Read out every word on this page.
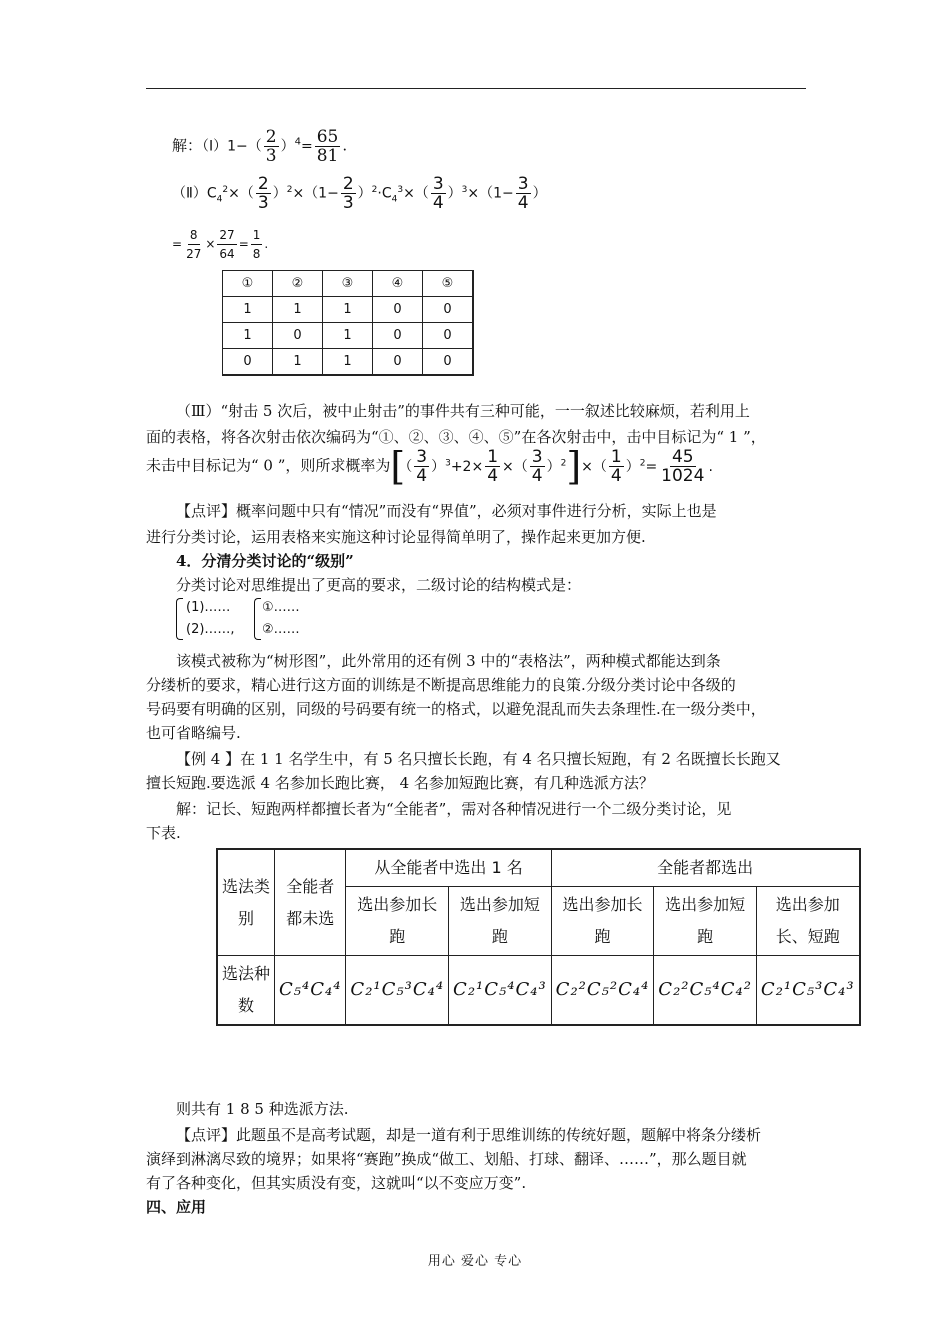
解：（Ⅰ）1−（ $\frac{2}{3} )^4= \frac{65}{81}$ .
$(Ⅱ)C_4^2\times( \frac{2}{3} )^2\times(1- \frac{2}{3} )^2\cdot C_4^3\times( \frac{3}{4} )^3\times(1- \frac{3}{4}$ ）
= $\frac{8}{27} \times \frac{27}{64} = \frac{1}{8}$ .
①	②	③	④	⑤
1	1	1	0	0
1	0	1	0	0
0	1	1	0	0
（Ⅲ）“射击 5 次后，被中止射击”的事件共有三种可能，一一叙述比较麻烦，若利用上
面的表格，将各次射击依次编码为“①、②、③、④、⑤”在各次射击中，击中目标记为“ 1 ”，
未击中目标记为“ 0 ”，则所求概率为[（ $\frac{3}{4} )^3+2\times \frac{1}{4}$ ×（ $\frac{3}{4} )^2]\times( \frac{1}{4} )^2= \frac{45}{1024}$ .
【点评】概率问题中只有“情况”而没有“界值”，必须对事件进行分析，实际上也是
进行分类讨论，运用表格来实施这种讨论显得简单明了，操作起来更加方便.
4．分清分类讨论的“级别”
分类讨论对思维提出了更高的要求，二级讨论的结构模式是：
(1)……
(2)……,
①……
②……
该模式被称为“树形图”，此外常用的还有例 3 中的“表格法”，两种模式都能达到条
分缕析的要求，精心进行这方面的训练是不断提高思维能力的良策.分级分类讨论中各级的
号码要有明确的区别，同级的号码要有统一的格式，以避免混乱而失去条理性.在一级分类中，
也可省略编号.
【例 4 】在 1 1 名学生中，有 5 名只擅长长跑，有 4 名只擅长短跑，有 2 名既擅长长跑又
擅长短跑.要选派 4 名参加长跑比赛， 4 名参加短跑比赛，有几种选派方法？
解：记长、短跑两样都擅长者为“全能者”，需对各种情况进行一个二级分类讨论，见
下表.
选法类别	全能者都未选	从全能者中选出 1 名		全能者都选出		
		选出参加长跑	选出参加短跑	选出参加长跑	选出参加短跑	选出参加长、短跑
选法种数	C₅⁴C₄⁴	C₂¹C₅³C₄⁴	C₂¹C₅⁴C₄³	C₂²C₅²C₄⁴	C₂²C₅⁴C₄²	C₂¹C₅³C₄³
则共有 1 8 5 种选派方法.
【点评】此题虽不是高考试题，却是一道有利于思维训练的传统好题，题解中将条分缕析
演绎到淋漓尽致的境界；如果将“赛跑”换成“做工、划船、打球、翻译、……”，那么题目就
有了各种变化，但其实质没有变，这就叫“以不变应万变”.
四、应用
用心 爱心 专心
